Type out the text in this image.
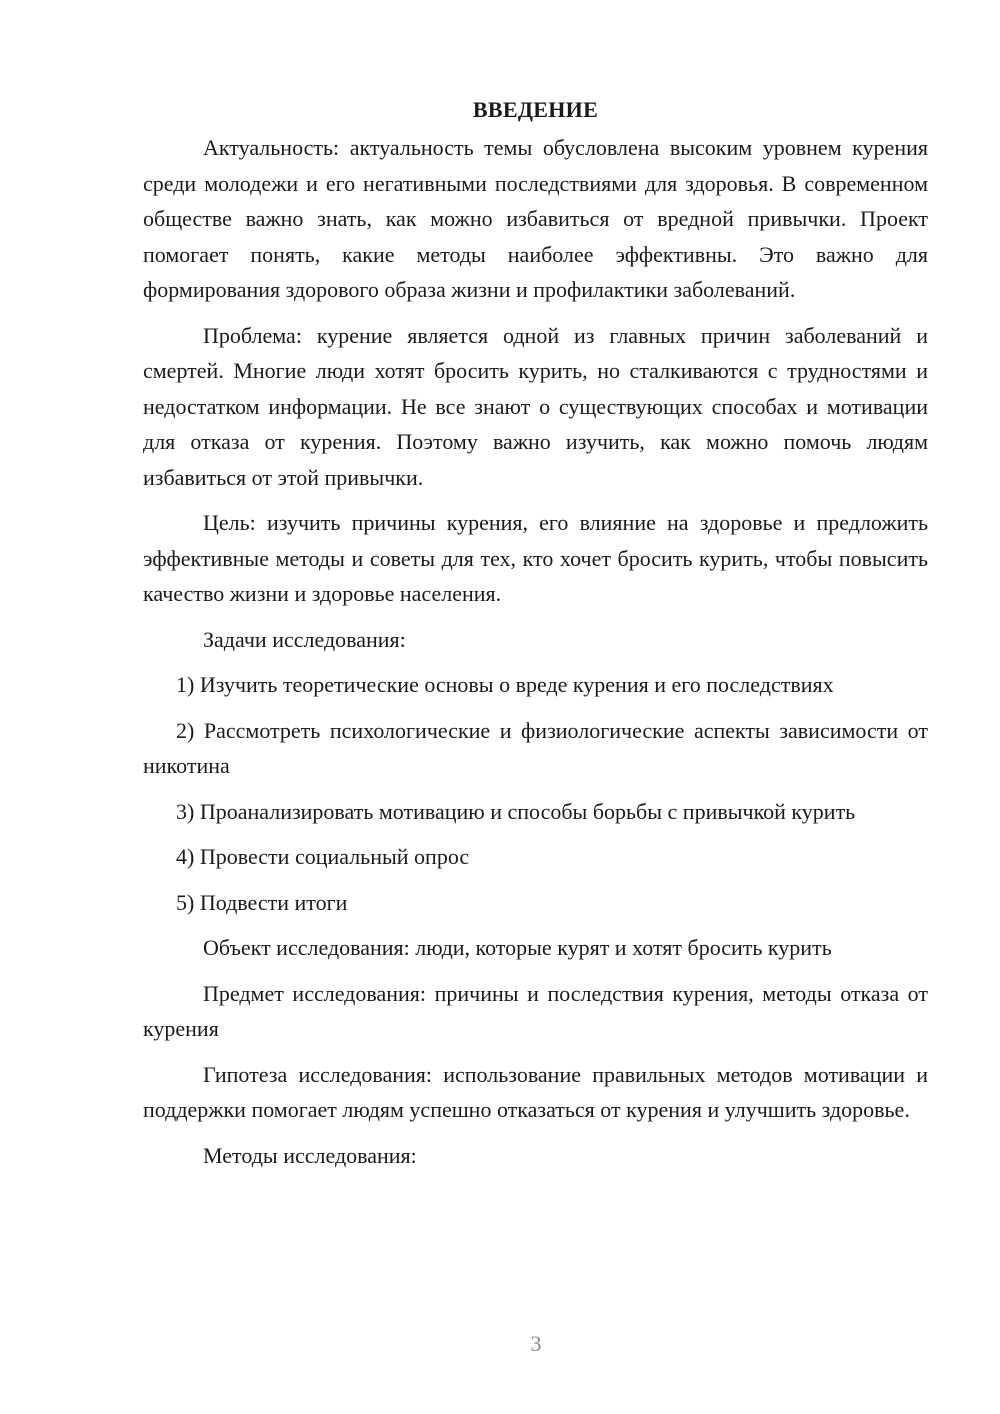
ВВЕДЕНИЕ

Актуальность: актуальность темы обусловлена высоким уровнем курения среди молодежи и его негативными последствиями для здоровья. В современном обществе важно знать, как можно избавиться от вредной привычки. Проект помогает понять, какие методы наиболее эффективны. Это важно для формирования здорового образа жизни и профилактики заболеваний.

Проблема: курение является одной из главных причин заболеваний и смертей. Многие люди хотят бросить курить, но сталкиваются с трудностями и недостатком информации. Не все знают о существующих способах и мотивации для отказа от курения. Поэтому важно изучить, как можно помочь людям избавиться от этой привычки.

Цель: изучить причины курения, его влияние на здоровье и предложить эффективные методы и советы для тех, кто хочет бросить курить, чтобы повысить качество жизни и здоровье населения.

Задачи исследования:

1) Изучить теоретические основы о вреде курения и его последствиях

2) Рассмотреть психологические и физиологические аспекты зависимости от никотина

3) Проанализировать мотивацию и способы борьбы с привычкой курить

4) Провести социальный опрос

5) Подвести итоги

Объект исследования: люди, которые курят и хотят бросить курить

Предмет исследования: причины и последствия курения, методы отказа от курения

Гипотеза исследования: использование правильных методов мотивации и поддержки помогает людям успешно отказаться от курения и улучшить здоровье.

Методы исследования:

3
